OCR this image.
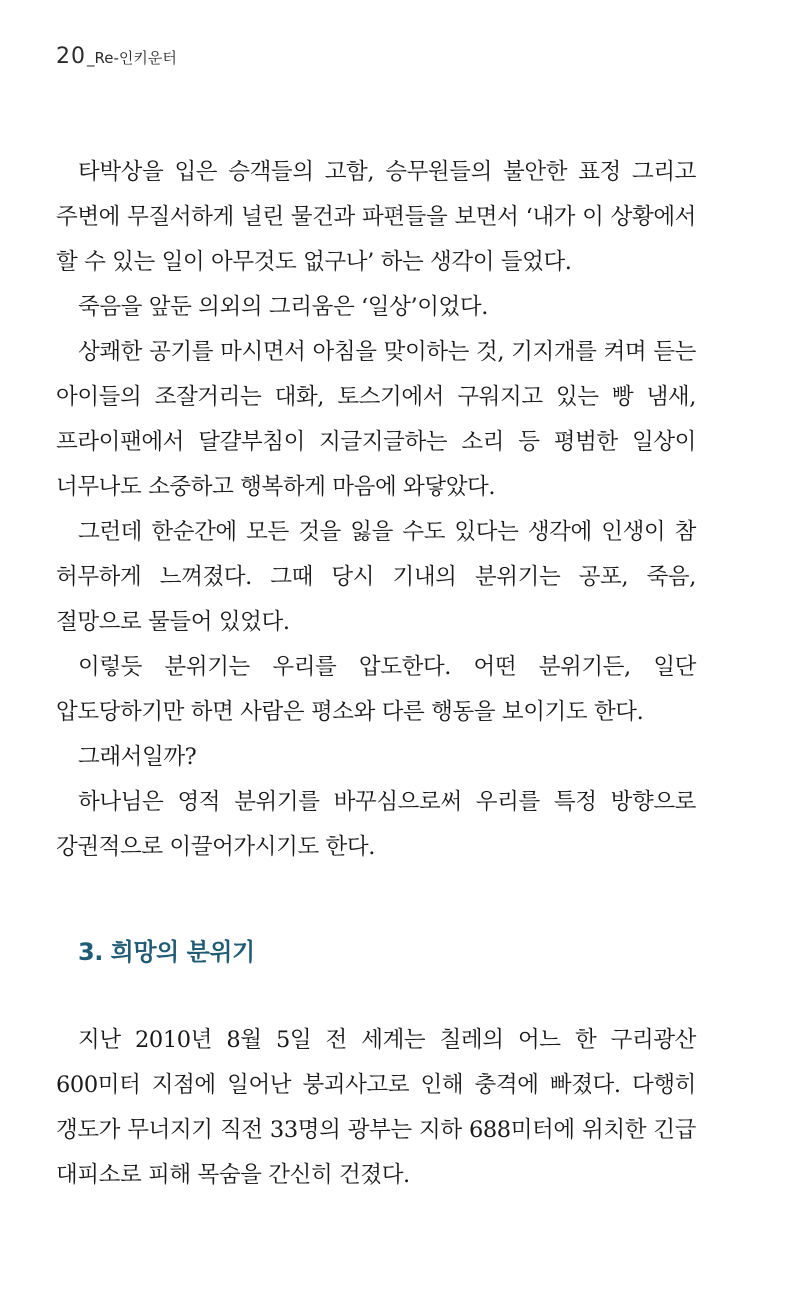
20 _Re-인키운터

타박상을 입은 승객들의 고함, 승무원들의 불안한 표정 그리고 주변에 무질서하게 널린 물건과 파편들을 보면서 ‘내가 이 상황에서 할 수 있는 일이 아무것도 없구나’ 하는 생각이 들었다.

죽음을 앞둔 의외의 그리움은 ‘일상’이었다.

상쾌한 공기를 마시면서 아침을 맞이하는 것, 기지개를 켜며 듣는 아이들의 조잘거리는 대화, 토스기에서 구워지고 있는 빵 냄새, 프라이팬에서 달걀부침이 지글지글하는 소리 등 평범한 일상이 너무나도 소중하고 행복하게 마음에 와닿았다.

그런데 한순간에 모든 것을 잃을 수도 있다는 생각에 인생이 참 허무하게 느껴졌다. 그때 당시 기내의 분위기는 공포, 죽음, 절망으로 물들어 있었다.

이렇듯 분위기는 우리를 압도한다. 어떤 분위기든, 일단 압도당하기만 하면 사람은 평소와 다른 행동을 보이기도 한다.

그래서일까?

하나님은 영적 분위기를 바꾸심으로써 우리를 특정 방향으로 강권적으로 이끌어가시기도 한다.

3. 희망의 분위기

지난 2010년 8월 5일 전 세계는 칠레의 어느 한 구리광산 600미터 지점에 일어난 붕괴사고로 인해 충격에 빠졌다. 다행히 갱도가 무너지기 직전 33명의 광부는 지하 688미터에 위치한 긴급 대피소로 피해 목숨을 간신히 건졌다.
